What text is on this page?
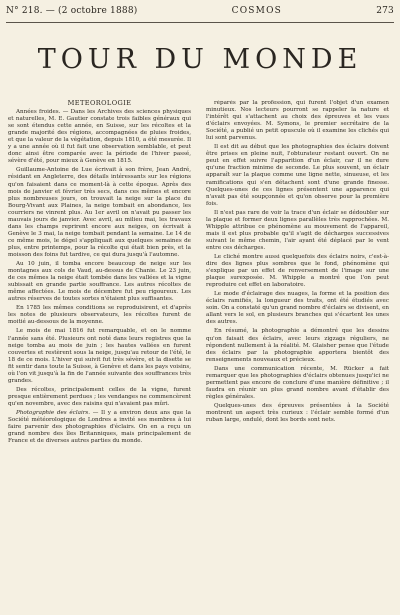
N° 218. — (2 octobre 1888)	COSMOS	273
TOUR DU MONDE

MÉTÉOROLOGIE

Années froides. — Dans les Archives des sciences physiques et naturelles, M. E. Gautier constate trois faibles généraux qui se sont étendus cette année, en Suisse, sur les récoltes et la grande majorité des régions, accompagnées de pluies froides, et que la valeur de la végétation, depuis 1810, a été mesurée. Il y a une année où il fut fait une observation semblable, et peut donc ainsi être comparée avec la période de l'hiver passé, sévère d'été, pour mieux à Genève en 1815.

Guillaume-Antoine de Lue écrivait à son frère, Jean André, résidant en Angleterre, des détails intéressants sur les régions qu'on faisaient dans ce moment-là à cette époque. Après des mois de janvier et février très secs, dans ces mêmes et encore plus nombreuses jours, on trouvait la neige sur la place du Bourg-Vivant aux Plaines, la neige tombait en abondance, les courriers ne vinrent plus. Au 1er avril on n'avait pu passer les mauvais jours de janvier. Avec avril, au milieu mai, les travaux dans les champs reprirent encore aux neiges, on écrivait à Genève le 3 mai, la neige tombait pendant la semaine. Le 14 de ce même mois, le dégel s'appliquait aux quelques semaines de plus, entre printemps, pour la récolte qui était bien près, et la moisson des foins fut tardive, ce qui dura jusqu'à l'automne.

Au 10 juin, il tomba encore beaucoup de neige sur les montagnes aux cols de Vaud, au-dessus de Chanie. Le 23 juin, de ces mêmes la neige était tombée dans les vallées et la vigne subissait en grande partie souffrance. Les autres récoltes de même affectées. Le mois de décembre fut peu rigoureux. Les autres réserves de toutes sortes n'étaient plus suffisantes.

En 1785 les mêmes conditions se reproduisirent, et d'après les notes de plusieurs observateurs, les récoltes furent de moitié au-dessous de la moyenne.

Le mois de mai 1816 fut remarquable, et on le nomme l'année sans été. Plusieurs ont noté dans leurs registres que la neige tomba au mois de juin ; les hautes vallées en furent couvertes et restèrent sous la neige, jusqu'au retour de l'été, le 18 de ce mois. L'hiver qui suivit fut très sévère, et la disette se fit sentir dans toute la Suisse, à Genève et dans les pays voisins, où l'on vit jusqu'à la fin de l'année suivante des souffrances très grandes.

Des récoltes, principalement celles de la vigne, furent presque entièrement perdues ; les vendanges ne commencèrent qu'en novembre, avec des raisins qui n'avaient pas mûri.

Photographie des éclairs. — Il y a environ deux ans que la Société météorologique de Londres a invité ses membres à lui faire parvenir des photographies d'éclairs. On en a reçu un grand nombre des îles Britanniques, mais principalement de France et de diverses autres parties du monde.

réparés par la profession, qui furent l'objet d'un examen minutieux. Nos lecteurs pourront se rappeler la nature et l'intérêt qui s'attachent au choix des épreuves et les vues d'éclairs envoyées. M. Symons, le premier secrétaire de la Société, a publié un petit opuscule où il examine les clichés qui lui sont parvenus.

Il est dit au début que les photographies des éclairs doivent être prises en pleine nuit, l'obturateur restant ouvert. On ne peut en effet suivre l'apparition d'un éclair, car il ne dure qu'une fraction minime de seconde. Le plus souvent, un éclair apparaît sur la plaque comme une ligne nette, sinueuse, et les ramifications qui s'en détachent sont d'une grande finesse. Quelques-unes de ces lignes présentent une apparence qui n'avait pas été soupçonnée et qu'on observe pour la première fois.

Il n'est pas rare de voir la trace d'un éclair se dédoubler sur la plaque et former deux lignes parallèles très rapprochées. M. Whipple attribue ce phénomène au mouvement de l'appareil, mais il est plus probable qu'il s'agit de décharges successives suivant le même chemin, l'air ayant été déplacé par le vent entre ces décharges.

Le cliché montre aussi quelquefois des éclairs noirs, c'est-à-dire des lignes plus sombres que le fond, phénomène qui s'explique par un effet de renversement de l'image sur une plaque surexposée. M. Whipple a montré que l'on peut reproduire cet effet en laboratoire.

Le mode d'éclairage des nuages, la forme et la position des éclairs ramifiés, la longueur des traits, ont été étudiés avec soin. On a constaté qu'un grand nombre d'éclairs se divisent, en allant vers le sol, en plusieurs branches qui s'écartent les unes des autres.

En résumé, la photographie a démontré que les dessins qu'on faisait des éclairs, avec leurs zigzags réguliers, ne répondent nullement à la réalité. M. Glaisher pense que l'étude des éclairs par la photographie apportera bientôt des renseignements nouveaux et précieux.

Dans une communication récente, M. Rücker a fait remarquer que les photographies d'éclairs obtenues jusqu'ici ne permettent pas encore de conclure d'une manière définitive ; il faudra en réunir un plus grand nombre avant d'établir des règles générales.

Quelques-unes des épreuves présentées à la Société montrent un aspect très curieux : l'éclair semble formé d'un ruban large, ondulé, dont les bords sont nets.
